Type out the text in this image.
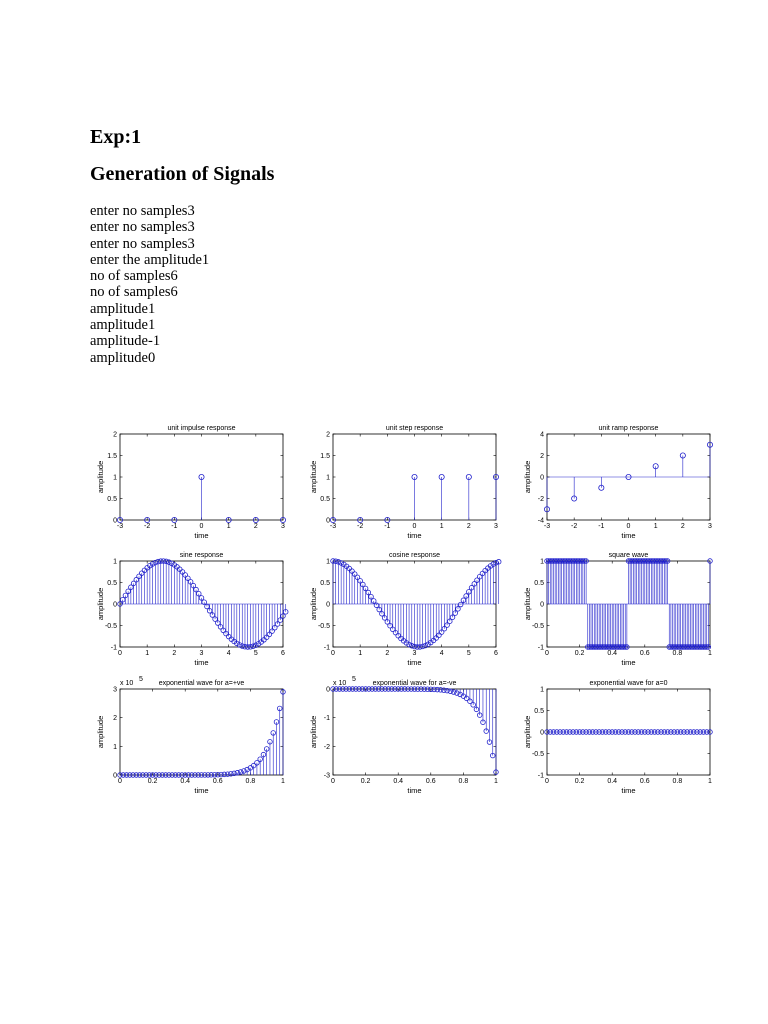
Exp:1
Generation of Signals
enter no samples3
enter no samples3
enter no samples3
enter the amplitude1
no of samples6
no of samples6
amplitude1
amplitude1
amplitude-1
amplitude0
-3	-2	-1	0	1	2	3
0
0.5
1
1.5
2
unit impulse response
time
amplitude
-3	-2	-1	0	1	2	3
0
0.5
1
1.5
2
unit step response
time
amplitude
-3	-2	-1	0	1	2	3
-4
-2
0
2
4
unit ramp response
time
amplitude
0	1	2	3	4	5	6
-1
-0.5
0
0.5
1
sine response
time
amplitude
0	1	2	3	4	5	6
-1
-0.5
0
0.5
1
cosine response
time
amplitude
0	0.2	0.4	0.6	0.8	1
-1
-0.5
0
0.5
1
square wave
time
amplitude
0	0.2	0.4	0.6	0.8	1
0
1
2
3
exponential wave for a=+ve
time
amplitude
x 10
5
0	0.2	0.4	0.6	0.8	1
-3
-2
-1
0
exponential wave for a=-ve
time
amplitude
x 10
5
0	0.2	0.4	0.6	0.8	1
-1
-0.5
0
0.5
1
exponential wave for a=0
time
amplitude
